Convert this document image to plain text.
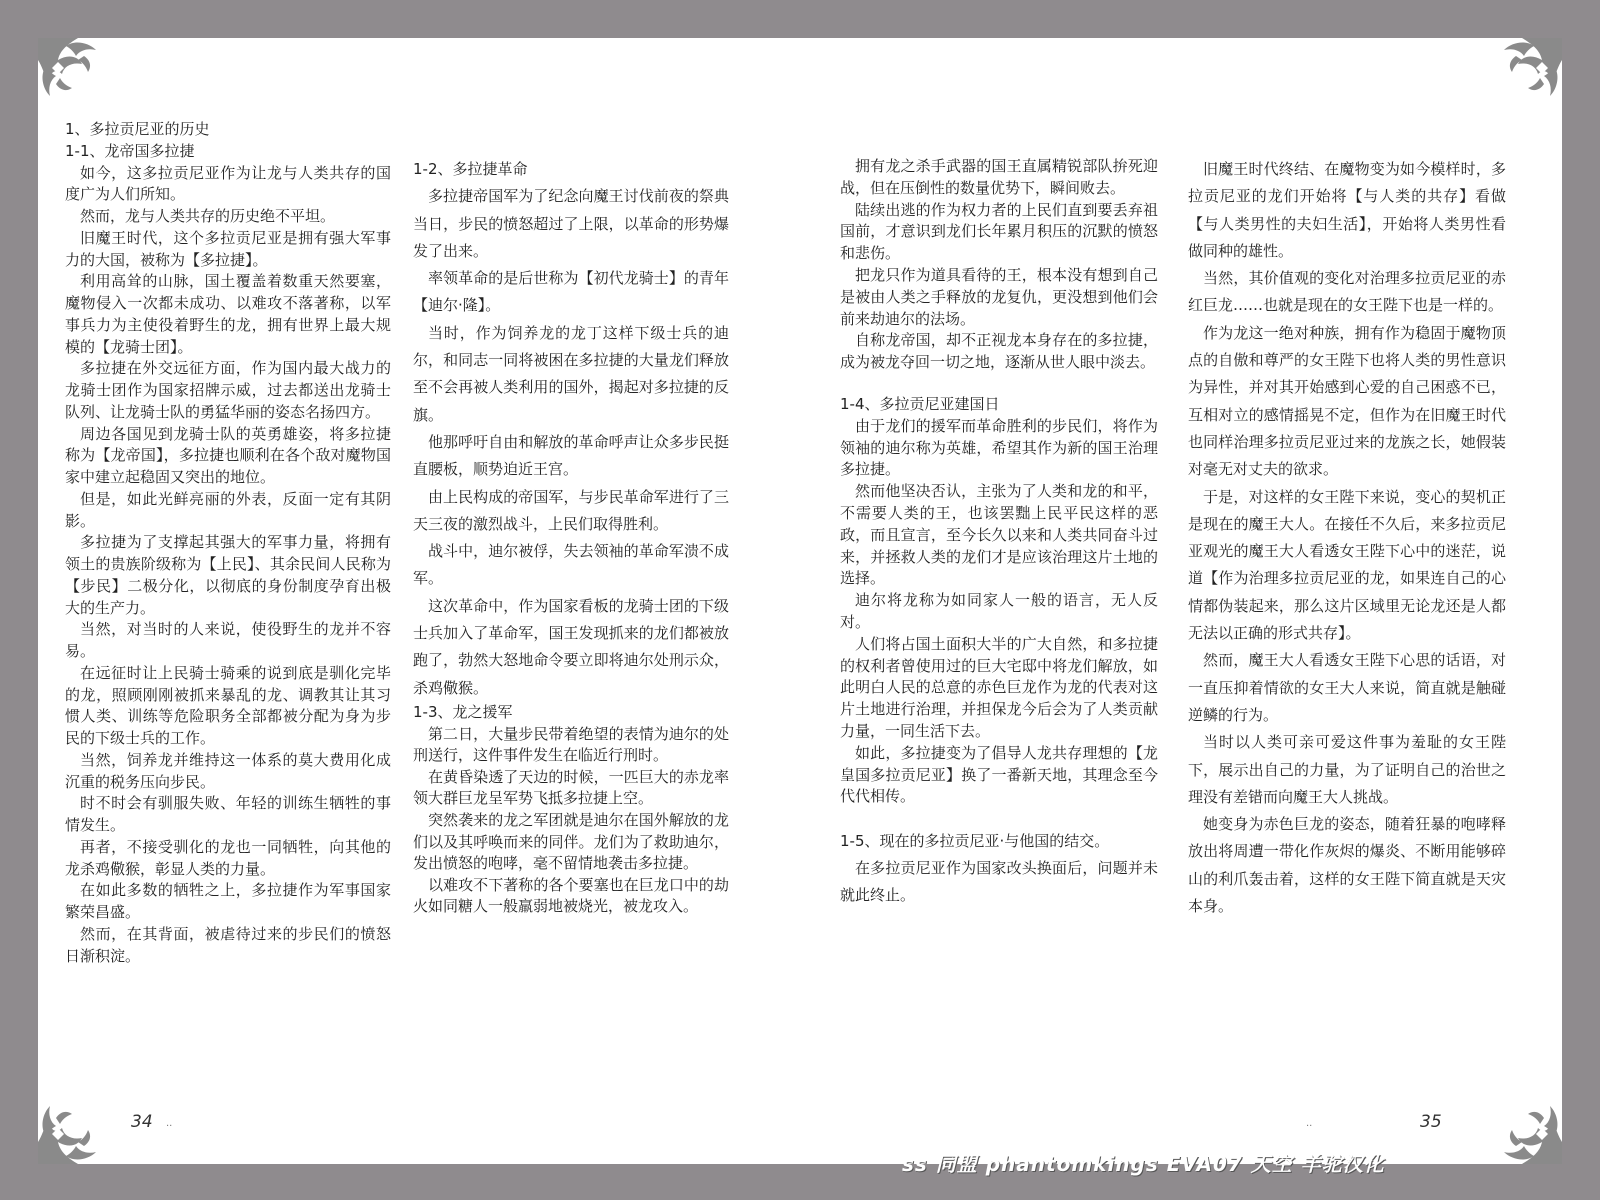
1、多拉贡尼亚的历史

1-1、龙帝国多拉捷

如今，这多拉贡尼亚作为让龙与人类共存的国度广为人们所知。

然而，龙与人类共存的历史绝不平坦。

旧魔王时代，这个多拉贡尼亚是拥有强大军事力的大国，被称为【多拉捷】。

利用高耸的山脉，国土覆盖着数重天然要塞，魔物侵入一次都未成功、以难攻不落著称，以军事兵力为主使役着野生的龙，拥有世界上最大规模的【龙骑士团】。

多拉捷在外交远征方面，作为国内最大战力的龙骑士团作为国家招牌示威，过去都送出龙骑士队列、让龙骑士队的勇猛华丽的姿态名扬四方。

周边各国见到龙骑士队的英勇雄姿，将多拉捷称为【龙帝国】，多拉捷也顺利在各个敌对魔物国家中建立起稳固又突出的地位。

但是，如此光鲜亮丽的外表，反面一定有其阴影。

多拉捷为了支撑起其强大的军事力量，将拥有领土的贵族阶级称为【上民】、其余民间人民称为【步民】二极分化，以彻底的身份制度孕育出极大的生产力。

当然，对当时的人来说，使役野生的龙并不容易。

在远征时让上民骑士骑乘的说到底是驯化完毕的龙，照顾刚刚被抓来暴乱的龙、调教其让其习惯人类、训练等危险职务全部都被分配为身为步民的下级士兵的工作。

当然，饲养龙并维持这一体系的莫大费用化成沉重的税务压向步民。

时不时会有驯服失败、年轻的训练生牺牲的事情发生。

再者，不接受驯化的龙也一同牺牲，向其他的龙杀鸡儆猴，彰显人类的力量。

在如此多数的牺牲之上，多拉捷作为军事国家繁荣昌盛。

然而，在其背面，被虐待过来的步民们的愤怒日渐积淀。

1-2、多拉捷革命

多拉捷帝国军为了纪念向魔王讨伐前夜的祭典当日，步民的愤怒超过了上限，以革命的形势爆发了出来。

率领革命的是后世称为【初代龙骑士】的青年【迪尔·隆】。

当时，作为饲养龙的龙丁这样下级士兵的迪尔，和同志一同将被困在多拉捷的大量龙们释放至不会再被人类利用的国外，揭起对多拉捷的反旗。

他那呼吁自由和解放的革命呼声让众多步民挺直腰板，顺势迫近王宫。

由上民构成的帝国军，与步民革命军进行了三天三夜的激烈战斗，上民们取得胜利。

战斗中，迪尔被俘，失去领袖的革命军溃不成军。

这次革命中，作为国家看板的龙骑士团的下级士兵加入了革命军，国王发现抓来的龙们都被放跑了，勃然大怒地命令要立即将迪尔处刑示众，杀鸡儆猴。

1-3、龙之援军

第二日，大量步民带着绝望的表情为迪尔的处刑送行，这件事件发生在临近行刑时。

在黄昏染透了天边的时候，一匹巨大的赤龙率领大群巨龙呈军势飞抵多拉捷上空。

突然袭来的龙之军团就是迪尔在国外解放的龙们以及其呼唤而来的同伴。龙们为了救助迪尔，发出愤怒的咆哮，毫不留情地袭击多拉捷。

以难攻不下著称的各个要塞也在巨龙口中的劫火如同糖人一般羸弱地被烧光，被龙攻入。

34 ..

拥有龙之杀手武器的国王直属精锐部队拚死迎战，但在压倒性的数量优势下，瞬间败去。

陆续出逃的作为权力者的上民们直到要丢弃祖国前，才意识到龙们长年累月积压的沉默的愤怒和悲伤。

把龙只作为道具看待的王，根本没有想到自己是被由人类之手释放的龙复仇，更没想到他们会前来劫迪尔的法场。

自称龙帝国，却不正视龙本身存在的多拉捷，成为被龙夺回一切之地，逐渐从世人眼中淡去。

1-4、多拉贡尼亚建国日

由于龙们的援军而革命胜利的步民们，将作为领袖的迪尔称为英雄，希望其作为新的国王治理多拉捷。

然而他坚决否认，主张为了人类和龙的和平，不需要人类的王，也该罢黜上民平民这样的恶政，而且宣言，至今长久以来和人类共同奋斗过来，并拯救人类的龙们才是应该治理这片土地的选择。

迪尔将龙称为如同家人一般的语言，无人反对。

人们将占国土面积大半的广大自然，和多拉捷的权利者曾使用过的巨大宅邸中将龙们解放，如此明白人民的总意的赤色巨龙作为龙的代表对这片土地进行治理，并担保龙今后会为了人类贡献力量，一同生活下去。

如此，多拉捷变为了倡导人龙共存理想的【龙皇国多拉贡尼亚】换了一番新天地，其理念至今代代相传。

1-5、现在的多拉贡尼亚·与他国的结交。

在多拉贡尼亚作为国家改头换面后，问题并未就此终止。

旧魔王时代终结、在魔物变为如今模样时，多拉贡尼亚的龙们开始将【与人类的共存】看做【与人类男性的夫妇生活】，开始将人类男性看做同种的雄性。

当然，其价值观的变化对治理多拉贡尼亚的赤红巨龙……也就是现在的女王陛下也是一样的。

作为龙这一绝对种族，拥有作为稳固于魔物顶点的自傲和尊严的女王陛下也将人类的男性意识为异性，并对其开始感到心爱的自己困惑不已，互相对立的感情摇晃不定，但作为在旧魔王时代也同样治理多拉贡尼亚过来的龙族之长，她假装对毫无对丈夫的欲求。

于是，对这样的女王陛下来说，变心的契机正是现在的魔王大人。在接任不久后，来多拉贡尼亚观光的魔王大人看透女王陛下心中的迷茫，说道【作为治理多拉贡尼亚的龙，如果连自己的心情都伪装起来，那么这片区域里无论龙还是人都无法以正确的形式共存】。

然而，魔王大人看透女王陛下心思的话语，对一直压抑着情欲的女王大人来说，简直就是触碰逆鳞的行为。

当时以人类可亲可爱这件事为羞耻的女王陛下，展示出自己的力量，为了证明自己的治世之理没有差错而向魔王大人挑战。

她变身为赤色巨龙的姿态，随着狂暴的咆哮释放出将周遭一带化作灰烬的爆炎、不断用能够碎山的利爪轰击着，这样的女王陛下简直就是天灾本身。

..	35
ss 同盟 phantomkings EVA07 天空 羊驼汉化
